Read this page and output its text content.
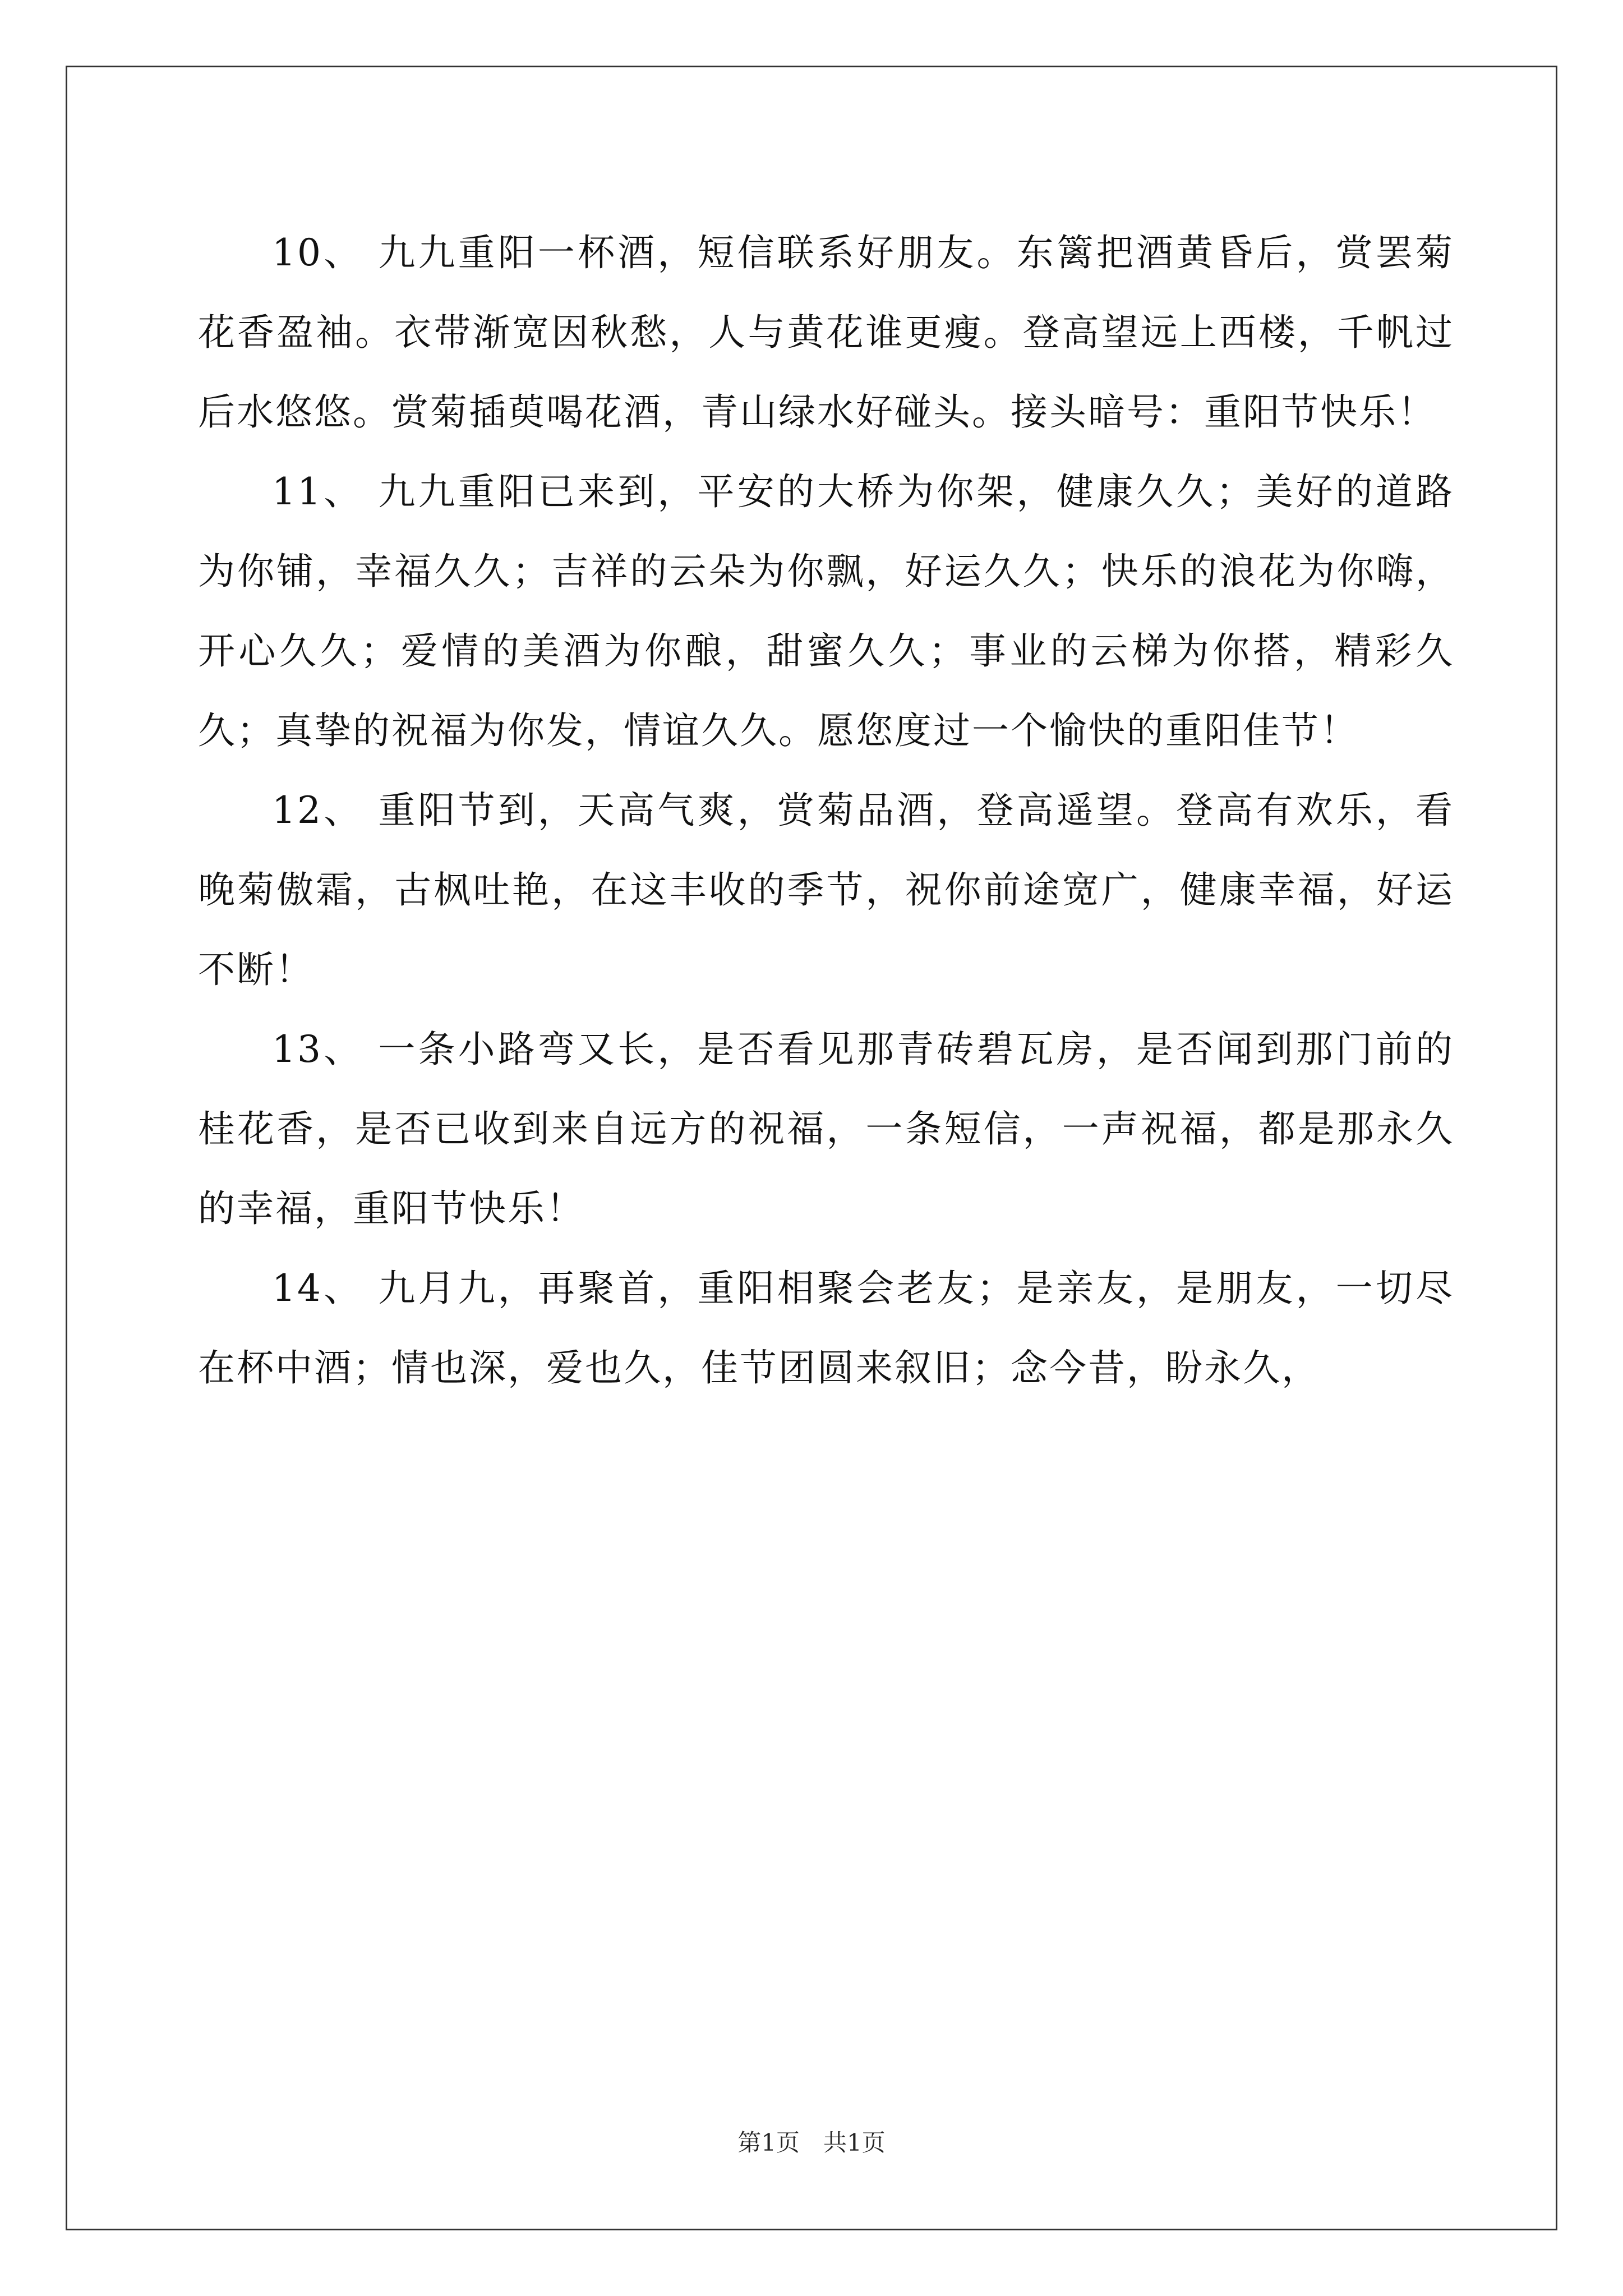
10、 九九重阳一杯酒，短信联系好朋友。东篱把酒黄昏后，赏罢菊花香盈袖。衣带渐宽因秋愁，人与黄花谁更瘦。登高望远上西楼，千帆过后水悠悠。赏菊插萸喝花酒，青山绿水好碰头。接头暗号：重阳节快乐！

11、 九九重阳已来到，平安的大桥为你架，健康久久；美好的道路为你铺，幸福久久；吉祥的云朵为你飘，好运久久；快乐的浪花为你嗨，开心久久；爱情的美酒为你酿，甜蜜久久；事业的云梯为你搭，精彩久久；真挚的祝福为你发，情谊久久。愿您度过一个愉快的重阳佳节！

12、 重阳节到，天高气爽，赏菊品酒，登高遥望。登高有欢乐，看晚菊傲霜，古枫吐艳，在这丰收的季节，祝你前途宽广，健康幸福，好运不断！

13、 一条小路弯又长，是否看见那青砖碧瓦房，是否闻到那门前的桂花香，是否已收到来自远方的祝福，一条短信，一声祝福，都是那永久的幸福，重阳节快乐！

14、 九月九，再聚首，重阳相聚会老友；是亲友，是朋友，一切尽在杯中酒；情也深，爱也久，佳节团圆来叙旧；念今昔，盼永久，

第1页　共1页
